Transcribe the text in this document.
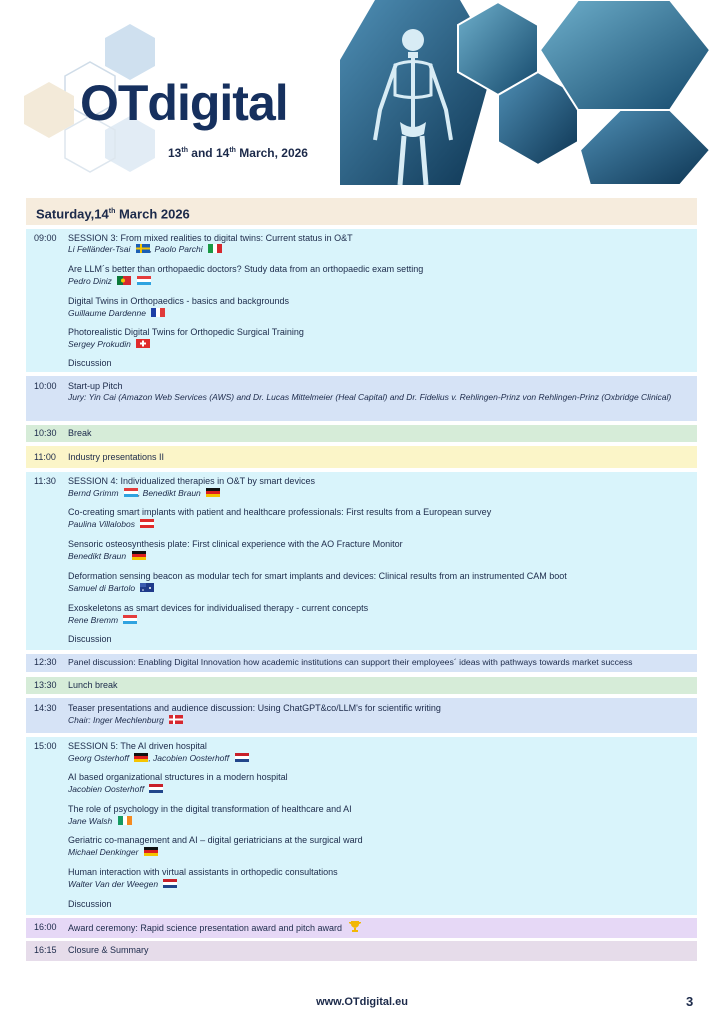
OTdigital
13th and 14th March, 2026
Saturday,14th March 2026
09:00 SESSION 3: From mixed realities to digital twins: Current status in O&T
Li Felländer-Tsai , Paolo Parchi
Are LLM´s better than orthopaedic doctors? Study data from an orthopaedic exam setting
Pedro Diniz
Digital Twins in Orthopaedics - basics and backgrounds
Guillaume Dardenne
Photorealistic Digital Twins for Orthopedic Surgical Training
Sergey Prokudin
Discussion
10:00 Start-up Pitch
Jury: Yin Cai (Amazon Web Services (AWS) and Dr. Lucas Mittelmeier (Heal Capital) and Dr. Fidelius v. Rehlingen-Prinz von Rehlingen-Prinz (Oxbridge Clinical)
10:30 Break
11:00 Industry presentations II
11:30 SESSION 4: Individualized therapies in O&T by smart devices
Bernd Grimm , Benedikt Braun
Co-creating smart implants with patient and healthcare professionals: First results from a European survey
Paulina Villalobos
Sensoric osteosynthesis plate: First clinical experience with the AO Fracture Monitor
Benedikt Braun
Deformation sensing beacon as modular tech for smart implants and devices: Clinical results from an instrumented CAM boot
Samuel di Bartolo
Exoskeletons as smart devices for individualised therapy - current concepts
Rene Bremm
Discussion
12:30 Panel discussion: Enabling Digital Innovation how academic institutions can support their employees´ ideas with pathways towards market success
13:30 Lunch break
14:30 Teaser presentations and audience discussion: Using ChatGPT&co/LLM's for scientific writing
Chair: Inger Mechlenburg
15:00 SESSION 5: The AI driven hospital
Georg Osterhoff , Jacobien Oosterhoff
AI based organizational structures in a modern hospital
Jacobien Oosterhoff
The role of psychology in the digital transformation of healthcare and AI
Jane Walsh
Geriatric co-management and AI – digital geriatricians at the surgical ward
Michael Denkinger
Human interaction with virtual assistants in orthopedic consultations
Walter Van der Weegen
Discussion
16:00 Award ceremony: Rapid science presentation award and pitch award
16:15 Closure & Summary
www.OTdigital.eu	3
